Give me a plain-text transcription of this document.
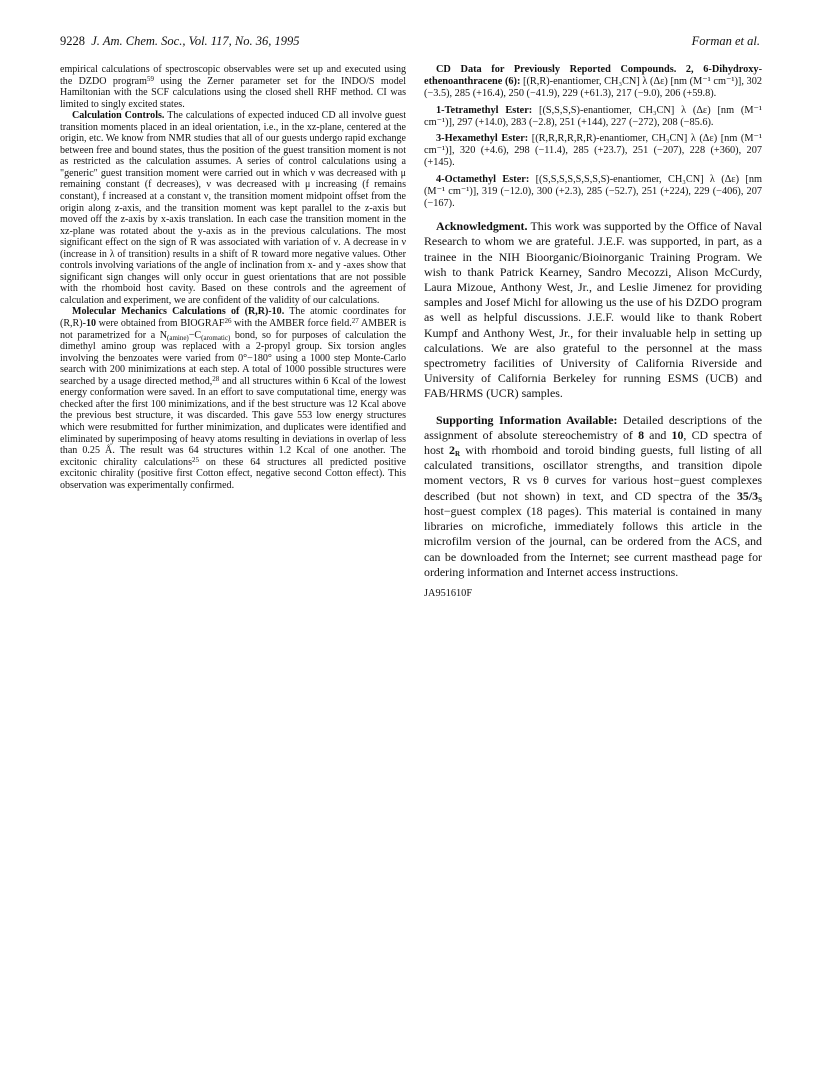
9228 J. Am. Chem. Soc., Vol. 117, No. 36, 1995	Forman et al.

empirical calculations of spectroscopic observables were set up and executed using the DZDO program$^{59}$ using the Zerner parameter set for the INDO/S model Hamiltonian with the SCF calculations using the closed shell RHF method. CI was limited to singly excited states.

Calculation Controls. The calculations of expected induced CD all involve guest transition moments placed in an ideal orientation, i.e., in the xz-plane, centered at the origin, etc. We know from NMR studies that all of our guests undergo rapid exchange between free and bound states, thus the position of the guest transition moment is not as restricted as the calculation assumes. A series of control calculations using a "generic" guest transition moment were carried out in which ν was decreased with μ remaining constant (f decreases), ν was decreased with μ increasing (f remains constant), f increased at a constant ν, the transition moment midpoint offset from the origin along z-axis, and the transition moment was kept parallel to the z-axis but moved off the z-axis by x-axis translation. In each case the transition moment in the xz-plane was rotated about the y-axis as in the previous calculations. The most significant effect on the sign of R was associated with variation of ν. A decrease in ν (increase in λ of transition) results in a shift of R toward more negative values. Other controls involving variations of the angle of inclination from x- and y -axes show that significant sign changes will only occur in guest orientations that are not possible with the rhomboid host cavity. Based on these controls and the agreement of calculation and experiment, we are confident of the validity of our calculations.

Molecular Mechanics Calculations of (R,R)-10. The atomic coordinates for (R,R)-10 were obtained from BIOGRAF$^{26}$ with the AMBER force field.$^{27}$ AMBER is not parametrized for a $N_{(amine)}-C_{(aromatic)}$ bond, so for purposes of calculation the dimethyl amino group was replaced with a 2-propyl group. Six torsion angles involving the benzoates were varied from 0°−180° using a 1000 step Monte-Carlo search with 200 minimizations at each step. A total of 1000 possible structures were searched by a usage directed method,$^{28}$ and all structures within 6 Kcal of the lowest energy conformation were saved. In an effort to save computational time, energy was checked after the first 100 minimizations, and if the best structure was 12 Kcal above the previous best structure, it was discarded. This gave 553 low energy structures which were resubmitted for further minimization, and duplicates were identified and eliminated by superimposing of heavy atoms resulting in deviations in overlap of less than 0.25 Å. The result was 64 structures within 1.2 Kcal of one another. The excitonic chirality calculations$^{25}$ on these 64 structures all predicted positive excitonic chirality (positive first Cotton effect, negative second Cotton effect). This observation was experimentally confirmed.

CD Data for Previously Reported Compounds. 2, 6-Dihydroxy-ethenoanthracene (6): [(R,R)-enantiomer, CH₃CN] λ (Δε) [nm (M⁻¹ cm⁻¹)], 302 (−3.5), 285 (+16.4), 250 (−41.9), 229 (+61.3), 217 (−9.0), 206 (+59.8).

1-Tetramethyl Ester: [(S,S,S,S)-enantiomer, CH₃CN] λ (Δε) [nm (M⁻¹ cm⁻¹)], 297 (+14.0), 283 (−2.8), 251 (+144), 227 (−272), 208 (−85.6).

3-Hexamethyl Ester: [(R,R,R,R,R,R)-enantiomer, CH₃CN] λ (Δε) [nm (M⁻¹ cm⁻¹)], 320 (+4.6), 298 (−11.4), 285 (+23.7), 251 (−207), 228 (+360), 207 (+145).

4-Octamethyl Ester: [(S,S,S,S,S,S,S,S)-enantiomer, CH₃CN] λ (Δε) [nm (M⁻¹ cm⁻¹)], 319 (−12.0), 300 (+2.3), 285 (−52.7), 251 (+224), 229 (−406), 207 (−167).

Acknowledgment. This work was supported by the Office of Naval Research to whom we are grateful. J.E.F. was supported, in part, as a trainee in the NIH Bioorganic/Bioinorganic Training Program. We wish to thank Patrick Kearney, Sandro Mecozzi, Alison McCurdy, Laura Mizoue, Anthony West, Jr., and Leslie Jimenez for providing samples and Josef Michl for allowing us the use of his DZDO program as well as helpful discussions. J.E.F. would like to thank Robert Kumpf and Anthony West, Jr., for their invaluable help in setting up calculations. We are also grateful to the personnel at the mass spectrometry facilities of University of California Riverside and University of California Berkeley for running ESMS (UCB) and FAB/HRMS (UCR) samples.

Supporting Information Available: Detailed descriptions of the assignment of absolute stereochemistry of 8 and 10, CD spectra of host $2_R$ with rhomboid and toroid binding guests, full listing of all calculated transitions, oscillator strengths, and transition dipole moment vectors, R vs θ curves for various host−guest complexes described (but not shown) in text, and CD spectra of the $35/3_S$ host−guest complex (18 pages). This material is contained in many libraries on microfiche, immediately follows this article in the microfilm version of the journal, can be ordered from the ACS, and can be downloaded from the Internet; see current masthead page for ordering information and Internet access instructions.

JA951610F
